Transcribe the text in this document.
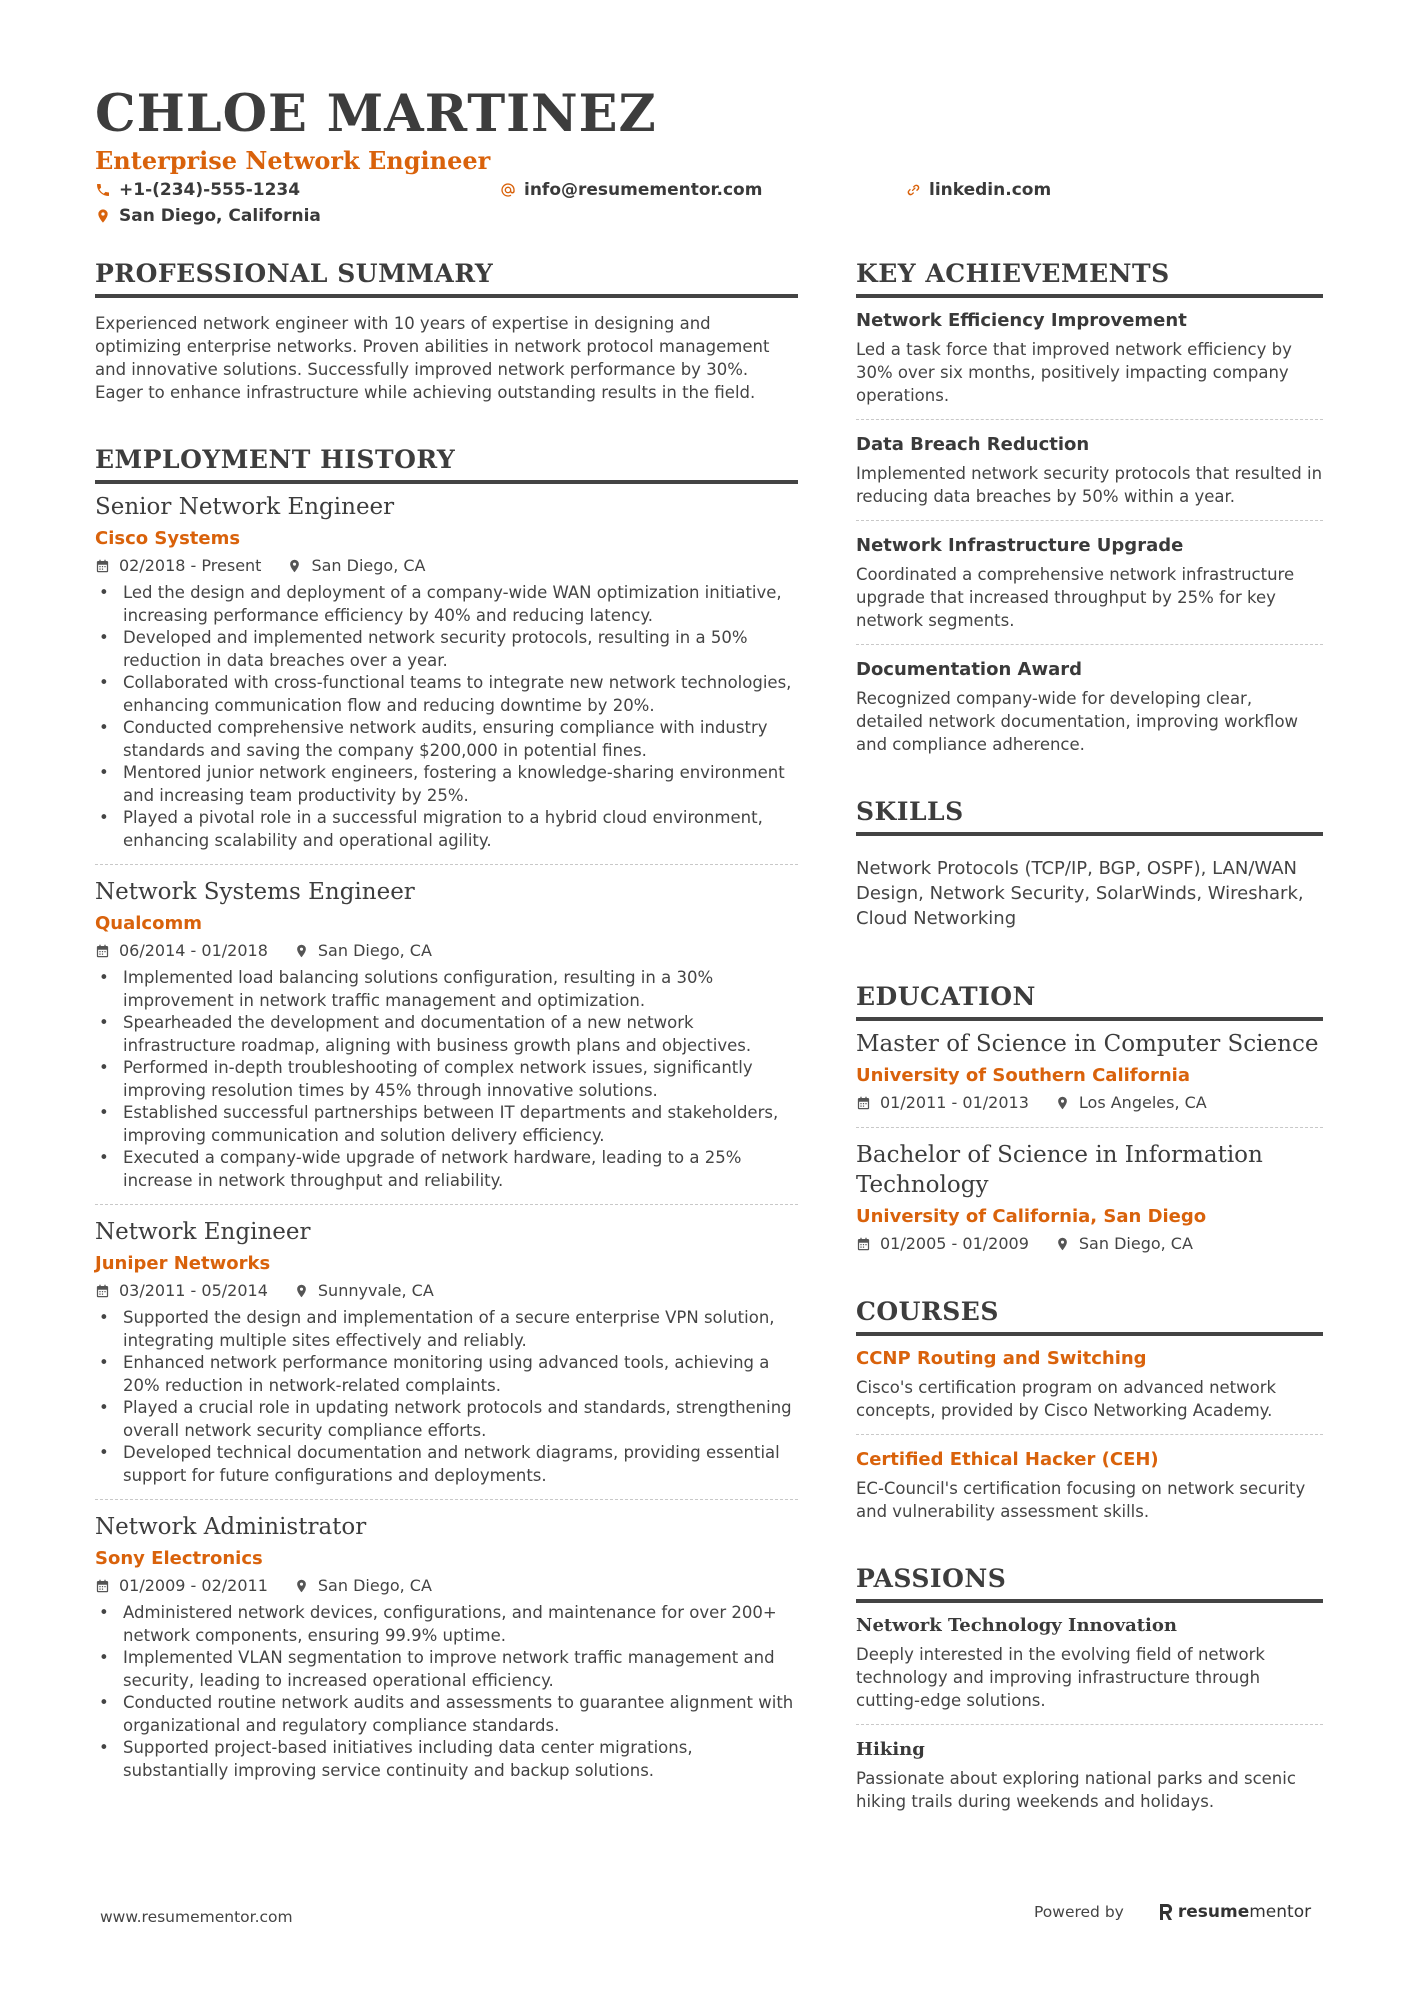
CHLOE MARTINEZ
Enterprise Network Engineer
+1-(234)-555-1234	info@resumementor.com	linkedin.com
San Diego, California
PROFESSIONAL SUMMARY

Experienced network engineer with 10 years of expertise in designing and optimizing enterprise networks. Proven abilities in network protocol management and innovative solutions. Successfully improved network performance by 30%. Eager to enhance infrastructure while achieving outstanding results in the field.

EMPLOYMENT HISTORY
Senior Network Engineer
Cisco Systems
02/2018 - Present	San Diego, CA
• Led the design and deployment of a company-wide WAN optimization initiative, increasing performance efficiency by 40% and reducing latency.
• Developed and implemented network security protocols, resulting in a 50% reduction in data breaches over a year.
• Collaborated with cross-functional teams to integrate new network technologies, enhancing communication flow and reducing downtime by 20%.
• Conducted comprehensive network audits, ensuring compliance with industry standards and saving the company $200,000 in potential fines.
• Mentored junior network engineers, fostering a knowledge-sharing environment and increasing team productivity by 25%.
• Played a pivotal role in a successful migration to a hybrid cloud environment, enhancing scalability and operational agility.
Network Systems Engineer
Qualcomm
06/2014 - 01/2018	San Diego, CA
• Implemented load balancing solutions configuration, resulting in a 30% improvement in network traffic management and optimization.
• Spearheaded the development and documentation of a new network infrastructure roadmap, aligning with business growth plans and objectives.
• Performed in-depth troubleshooting of complex network issues, significantly improving resolution times by 45% through innovative solutions.
• Established successful partnerships between IT departments and stakeholders, improving communication and solution delivery efficiency.
• Executed a company-wide upgrade of network hardware, leading to a 25% increase in network throughput and reliability.
Network Engineer
Juniper Networks
03/2011 - 05/2014	Sunnyvale, CA
• Supported the design and implementation of a secure enterprise VPN solution, integrating multiple sites effectively and reliably.
• Enhanced network performance monitoring using advanced tools, achieving a 20% reduction in network-related complaints.
• Played a crucial role in updating network protocols and standards, strengthening overall network security compliance efforts.
• Developed technical documentation and network diagrams, providing essential support for future configurations and deployments.
Network Administrator
Sony Electronics
01/2009 - 02/2011	San Diego, CA
• Administered network devices, configurations, and maintenance for over 200+ network components, ensuring 99.9% uptime.
• Implemented VLAN segmentation to improve network traffic management and security, leading to increased operational efficiency.
• Conducted routine network audits and assessments to guarantee alignment with organizational and regulatory compliance standards.
• Supported project-based initiatives including data center migrations, substantially improving service continuity and backup solutions.
KEY ACHIEVEMENTS
Network Efficiency Improvement
Led a task force that improved network efficiency by 30% over six months, positively impacting company operations.
Data Breach Reduction
Implemented network security protocols that resulted in reducing data breaches by 50% within a year.
Network Infrastructure Upgrade
Coordinated a comprehensive network infrastructure upgrade that increased throughput by 25% for key network segments.
Documentation Award
Recognized company-wide for developing clear, detailed network documentation, improving workflow and compliance adherence.
SKILLS
Network Protocols (TCP/IP, BGP, OSPF), LAN/WAN Design, Network Security, SolarWinds, Wireshark, Cloud Networking
EDUCATION
Master of Science in Computer Science
University of Southern California
01/2011 - 01/2013	Los Angeles, CA
Bachelor of Science in Information Technology
University of California, San Diego
01/2005 - 01/2009	San Diego, CA
COURSES
CCNP Routing and Switching
Cisco's certification program on advanced network concepts, provided by Cisco Networking Academy.
Certified Ethical Hacker (CEH)
EC-Council's certification focusing on network security and vulnerability assessment skills.
PASSIONS
Network Technology Innovation
Deeply interested in the evolving field of network technology and improving infrastructure through cutting-edge solutions.
Hiking
Passionate about exploring national parks and scenic hiking trails during weekends and holidays.
www.resumementor.com	Powered by	resume mentor
